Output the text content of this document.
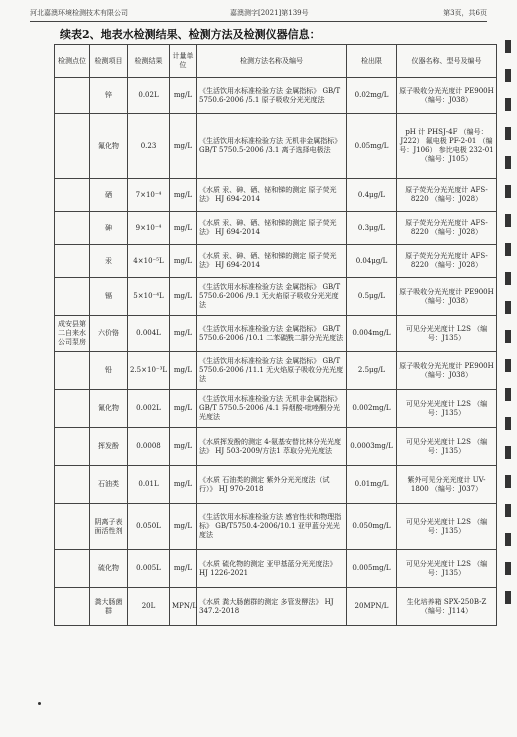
河北嘉澳环境检测技术有限公司	嘉澳测字[2021]第139号	第3页，共6页
续表2、地表水检测结果、检测方法及检测仪器信息：
检测点位	检测项目	检测结果	计量单位	检测方法名称及编号	检出限	仪器名称、型号及编号
	锌	0.02L	mg/L	《生活饮用水标准检验方法 金属指标》 GB/T 5750.6-2006 /5.1 原子吸收分光光度法	0.02mg/L	原子吸收分光光度计 PE900H （编号：J038）
	氟化物	0.23	mg/L	《生活饮用水标准检验方法 无机非金属指标》 GB/T 5750.5-2006 /3.1 离子选择电极法	0.05mg/L	pH 计 PHSJ-4F （编号：J222） 氟电极 PF-2-01 （编号：J106） 参比电极 232-01 （编号：J105）
	硒	7×10⁻⁴	mg/L	《水质 汞、砷、硒、铋和锑的测定 原子荧光法》 HJ 694-2014	0.4μg/L	原子荧光分光光度计 AFS-8220 （编号：J028）
	砷	9×10⁻⁴	mg/L	《水质 汞、砷、硒、铋和锑的测定 原子荧光法》 HJ 694-2014	0.3μg/L	原子荧光分光光度计 AFS-8220 （编号：J028）
	汞	4×10⁻⁵L	mg/L	《水质 汞、砷、硒、铋和锑的测定 原子荧光法》 HJ 694-2014	0.04μg/L	原子荧光分光光度计 AFS-8220 （编号：J028）
	镉	5×10⁻⁴L	mg/L	《生活饮用水标准检验方法 金属指标》 GB/T 5750.6-2006 /9.1 无火焰原子吸收分光光度法	0.5μg/L	原子吸收分光光度计 PE900H （编号：J038）
成安县第二自来水公司泵房	六价铬	0.004L	mg/L	《生活饮用水标准检验方法 金属指标》 GB/T 5750.6-2006 /10.1 二苯碳酰二肼分光光度法	0.004mg/L	可见分光光度计 L2S （编号：J135）
	铅	2.5×10⁻³L	mg/L	《生活饮用水标准检验方法 金属指标》 GB/T 5750.6-2006 /11.1 无火焰原子吸收分光光度法	2.5μg/L	原子吸收分光光度计 PE900H （编号：J038）
	氰化物	0.002L	mg/L	《生活饮用水标准检验方法 无机非金属指标》 GB/T 5750.5-2006 /4.1 异烟酸-吡唑酮分光光度法	0.002mg/L	可见分光光度计 L2S （编号：J135）
	挥发酚	0.0008	mg/L	《水质挥发酚的测定 4-氨基安替比林分光光度法》 HJ 503-2009/方法1 萃取分光光度法	0.0003mg/L	可见分光光度计 L2S （编号：J135）
	石油类	0.01L	mg/L	《水质 石油类的测定 紫外分光光度法（试行）》 HJ 970-2018	0.01mg/L	紫外可见分光光度计 UV-1800 （编号：J037）
	阴离子表面活性剂	0.050L	mg/L	《生活饮用水标准检验方法 感官性状和物理指标》 GB/T5750.4-2006/10.1 亚甲蓝分光光度法	0.050mg/L	可见分光光度计 L2S （编号：J135）
	硫化物	0.005L	mg/L	《水质 硫化物的测定 亚甲基蓝分光光度法》 HJ 1226-2021	0.005mg/L	可见分光光度计 L2S （编号：J135）
	粪大肠菌群	20L	MPN/L	《水质 粪大肠菌群的测定 多管发酵法》 HJ 347.2-2018	20MPN/L	生化培养箱 SPX-250B-Z （编号：J114）
